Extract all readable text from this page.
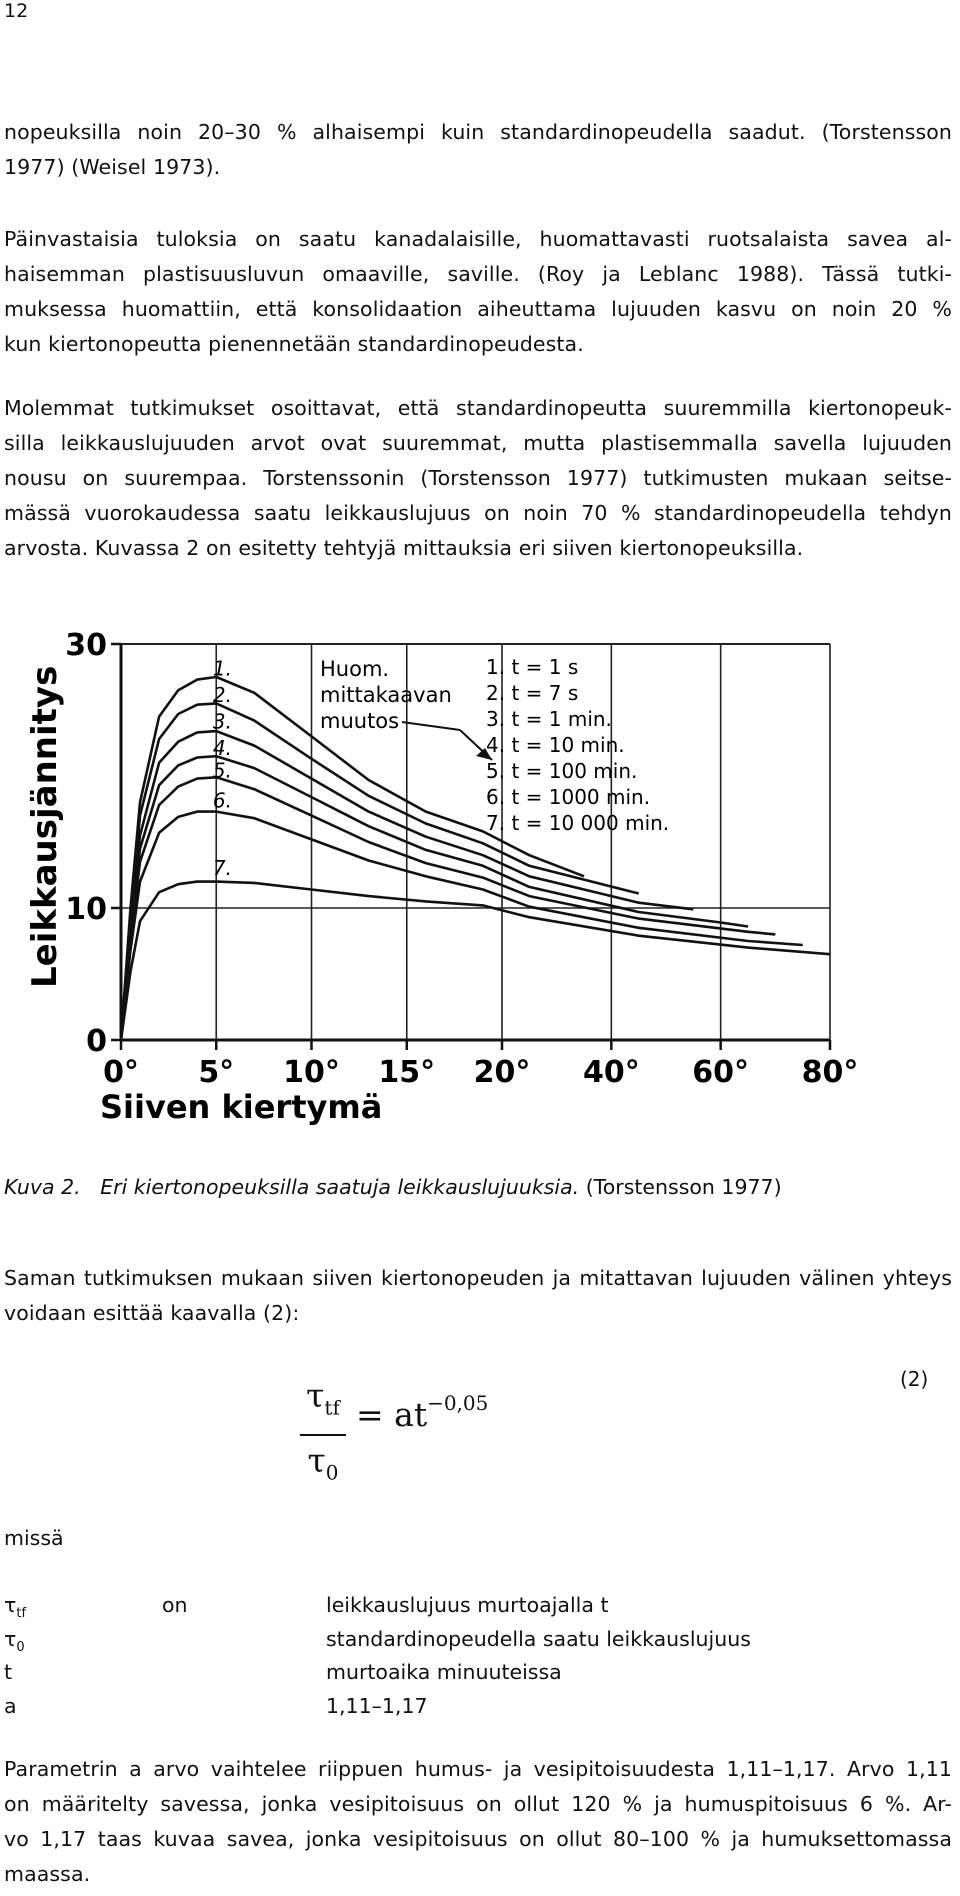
12
nopeuksilla noin 20–30 % alhaisempi kuin standardinopeudella saadut. (Torstensson
1977) (Weisel 1973).
Päinvastaisia tuloksia on saatu kanadalaisille, huomattavasti ruotsalaista savea al-
haisemman plastisuusluvun omaaville, saville. (Roy ja Leblanc 1988). Tässä tutki-
muksessa huomattiin, että konsolidaation aiheuttama lujuuden kasvu on noin 20 %
kun kiertonopeutta pienennetään standardinopeudesta.
Molemmat tutkimukset osoittavat, että standardinopeutta suuremmilla kiertonopeuk-
silla leikkauslujuuden arvot ovat suuremmat, mutta plastisemmalla savella lujuuden
nousu on suurempaa. Torstenssonin (Torstensson 1977) tutkimusten mukaan seitse-
mässä vuorokaudessa saatu leikkauslujuus on noin 70 % standardinopeudella tehdyn
arvosta. Kuvassa 2 on esitetty tehtyjä mittauksia eri siiven kiertonopeuksilla.
0
10
30
0° 5° 10° 15° 20° 40° 60° 80°
1.
2.
3.
4.
5.
6.
7.
Huom.
mittakaavan
muutos
1. t = 1 s
2. t = 7 s
3. t = 1 min.
4. t = 10 min.
5. t = 100 min.
6. t = 1000 min.
7. t = 10 000 min.
Leikkausjännitys
Siiven kiertymä
Kuva 2. Eri kiertonopeuksilla saatuja leikkauslujuuksia. (Torstensson 1977)
Saman tutkimuksen mukaan siiven kiertonopeuden ja mitattavan lujuuden välinen yhteys voidaan esittää kaavalla (2):
(2)
$\tau_{tf}$
$\tau_0$
= $at^{-0,05}$
missä
$\tau_{tf}$	on	leikkauslujuus murtoajalla t
$\tau_0$	standardinopeudella saatu leikkauslujuus
t	murtoaika minuuteissa
a	1,11–1,17
Parametrin a arvo vaihtelee riippuen humus- ja vesipitoisuudesta 1,11–1,17. Arvo 1,11
on määritelty savessa, jonka vesipitoisuus on ollut 120 % ja humuspitoisuus 6 %. Ar-
vo 1,17 taas kuvaa savea, jonka vesipitoisuus on ollut 80–100 % ja humuksettomassa
maassa.
